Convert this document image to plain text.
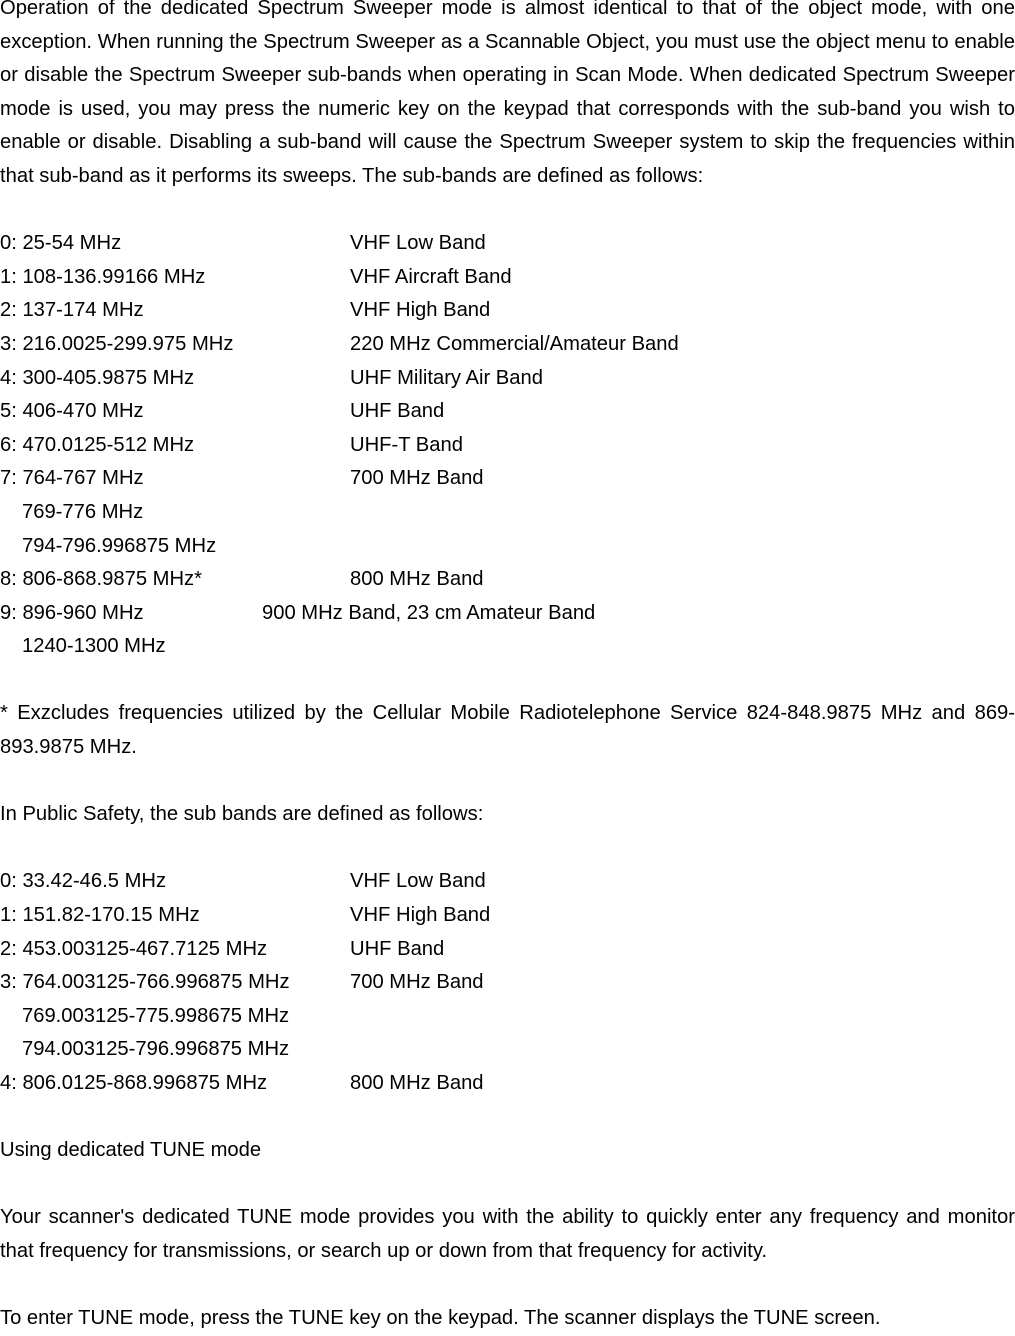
Operation of the dedicated Spectrum Sweeper mode is almost identical to that of the object mode, with one exception. When running the Spectrum Sweeper as a Scannable Object, you must use the object menu to enable or disable the Spectrum Sweeper sub-bands when operating in Scan Mode. When dedicated Spectrum Sweeper mode is used, you may press the numeric key on the keypad that corresponds with the sub-band you wish to enable or disable. Disabling a sub-band will cause the Spectrum Sweeper system to skip the frequencies within that sub-band as it performs its sweeps. The sub-bands are defined as follows:

0: 25-54 MHz	VHF Low Band
1: 108-136.99166 MHz	VHF Aircraft Band
2: 137-174 MHz	VHF High Band
3: 216.0025-299.975 MHz	220 MHz Commercial/Amateur Band
4: 300-405.9875 MHz	UHF Military Air Band
5: 406-470 MHz	UHF Band
6: 470.0125-512 MHz	UHF-T Band
7: 764-767 MHz	700 MHz Band
769-776 MHz
794-796.996875 MHz
8: 806-868.9875 MHz*	800 MHz Band
9: 896-960 MHz	900 MHz Band, 23 cm Amateur Band
1240-1300 MHz

* Exzcludes frequencies utilized by the Cellular Mobile Radiotelephone Service 824-848.9875 MHz and 869-893.9875 MHz.

In Public Safety, the sub bands are defined as follows:

0: 33.42-46.5 MHz	VHF Low Band
1: 151.82-170.15 MHz	VHF High Band
2: 453.003125-467.7125 MHz	UHF Band
3: 764.003125-766.996875 MHz	700 MHz Band
769.003125-775.998675 MHz
794.003125-796.996875 MHz
4: 806.0125-868.996875 MHz	800 MHz Band

Using dedicated TUNE mode

Your scanner's dedicated TUNE mode provides you with the ability to quickly enter any frequency and monitor that frequency for transmissions, or search up or down from that frequency for activity.

To enter TUNE mode, press the TUNE key on the keypad. The scanner displays the TUNE screen.
